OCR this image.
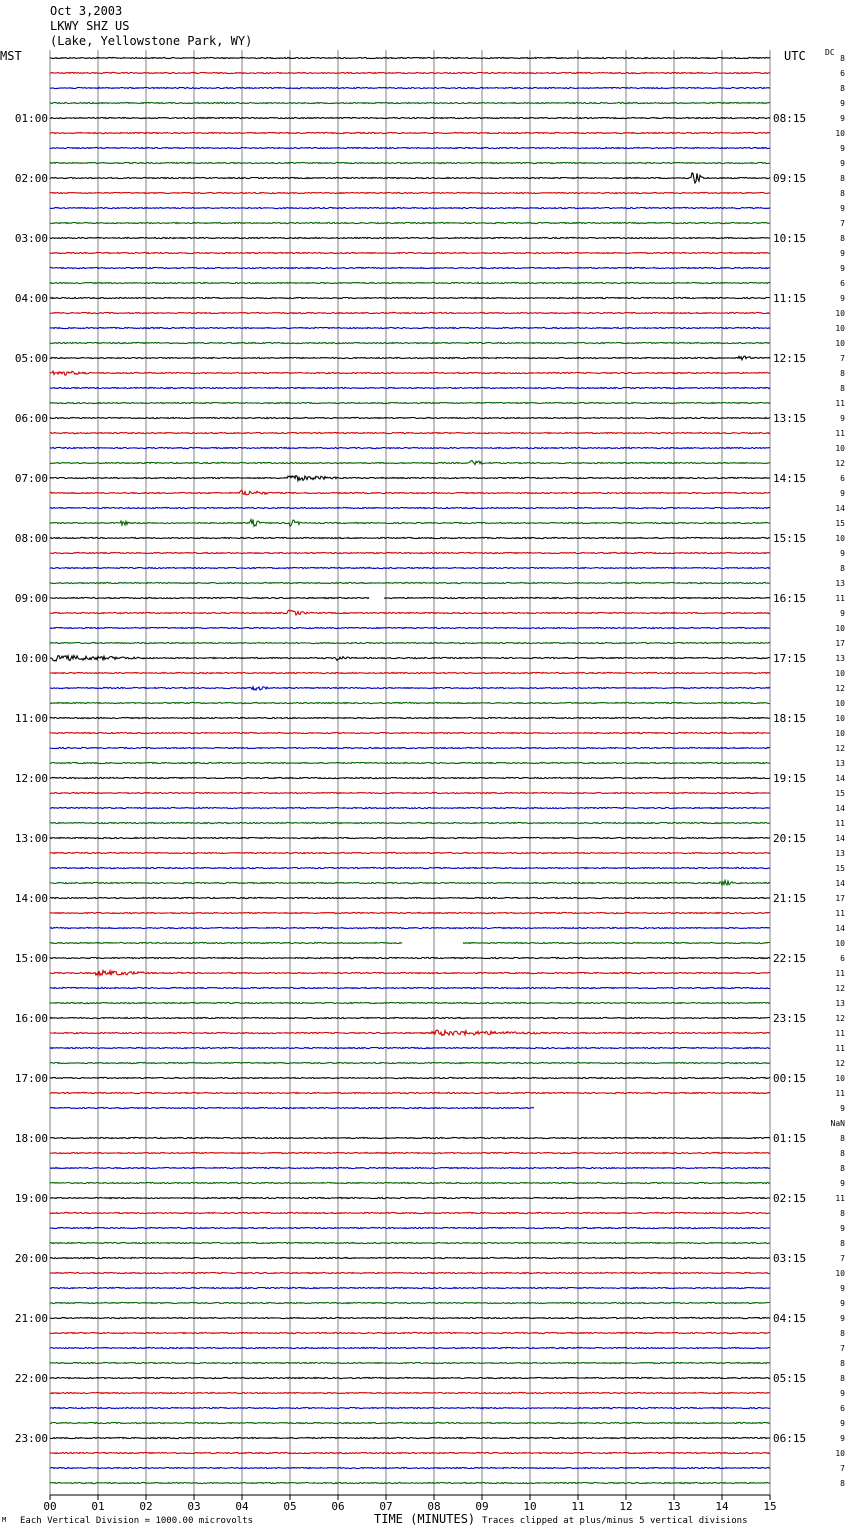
Oct 3,2003
LKWY SHZ US
(Lake, Yellowstone Park, WY)
MST	UTC DC
01:00
02:00
03:00
04:00
05:00
06:00
07:00
08:00
09:00
10:00
11:00
12:00
13:00
14:00
15:00
16:00
17:00
18:00
19:00
20:00
21:00
22:00
23:00
08:15
09:15
10:15
11:15
12:15
13:15
14:15
15:15
16:15
17:15
18:15
19:15
20:15
21:15
22:15
23:15
00:15
01:15
02:15
03:15
04:15
05:15
06:15
8
6
8
9
9
10
9
9
8
8
9
7
8
9
9
6
9
10
10
10
7
8
8
11
9
11
10
12
6
9
14
15
10
9
8
13
11
9
10
17
13
10
12
10
10
10
12
13
14
15
14
11
14
13
15
14
17
11
14
10
6
11
12
13
12
11
11
12
10
11
9
NaN
8
8
8
9
11
8
9
8
7
10
9
9
9
8
7
8
8
9
6
9
9
10
7
8
00	01	02	03	04	05	06	07	08	09	10	11	12	13	14	15
M Each Vertical Division = 1000.00 microvolts	TIME (MINUTES) Traces clipped at plus/minus 5 vertical divisions
